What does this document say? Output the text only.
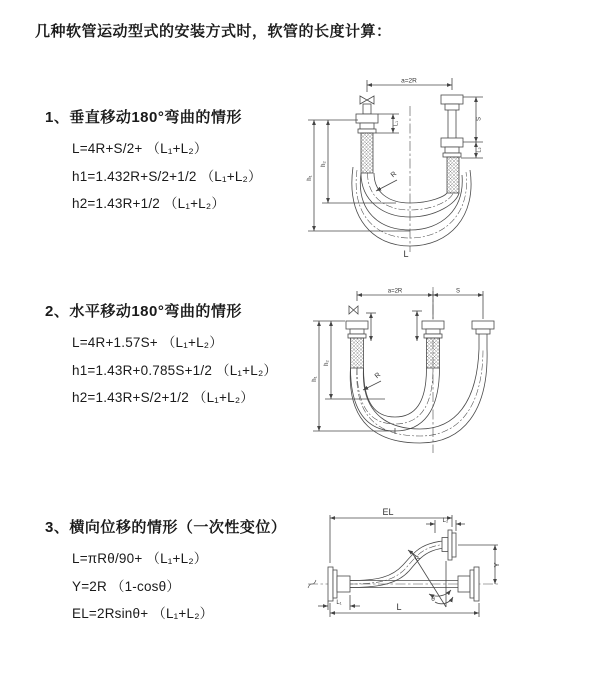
几种软管运动型式的安装方式时，软管的长度计算：
1、垂直移动180°弯曲的情形
L=4R+S/2+ （L₁+L₂）
h1=1.432R+S/2+1/2 （L₁+L₂）
h2=1.43R+1/2 （L₁+L₂）
2、水平移动180°弯曲的情形
L=4R+1.57S+ （L₁+L₂）
h1=1.43R+0.785S+1/2 （L₁+L₂）
h2=1.43R+S/2+1/2 （L₁+L₂）
3、横向位移的情形（一次性变位）
L=πRθ/90+ （L₁+L₂）
Y=2R （1-cosθ）
EL=2Rsinθ+ （L₁+L₂）
a=2R
h₁
h₂
L₁
S
L₂
R
L
a=2R	S
h₁
h₂
R
EL
L₂
Y
R
θ
L
L₁
